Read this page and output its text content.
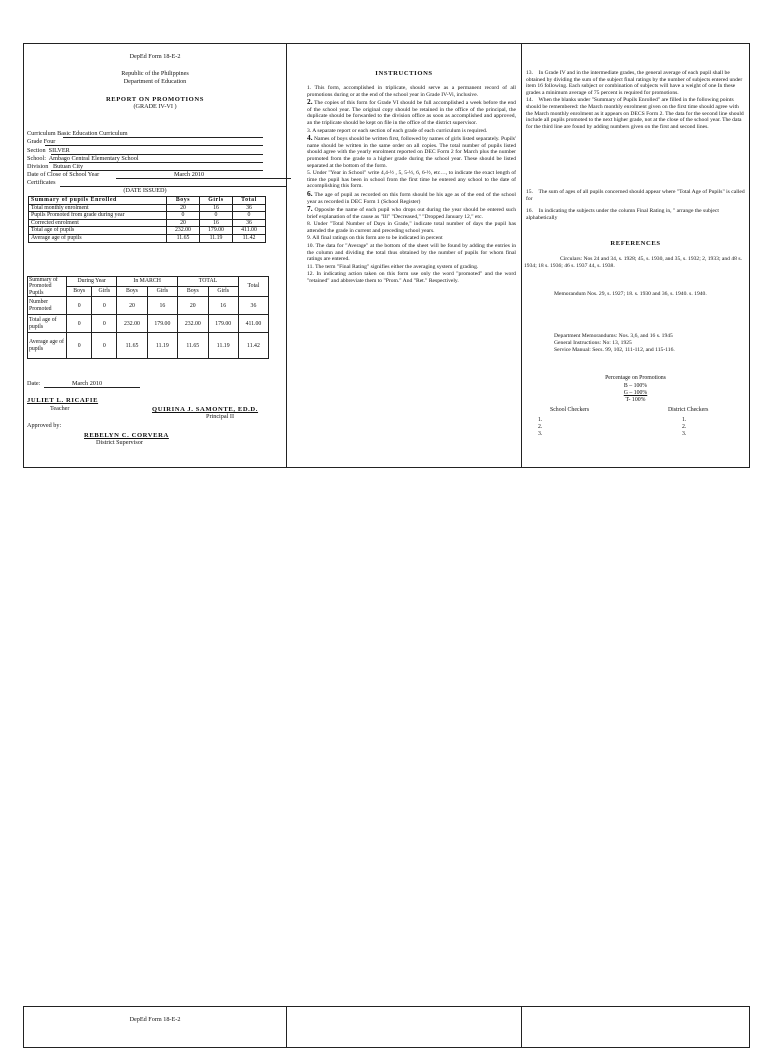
DepEd Form 18-E-2
Republic of the Philippines
Department of Education
REPORT ON PROMOTIONS
(GRADE IV-VI )
Curriculum Basic Education Curriculum
Grade Four
Section SILVER
School: Ambago Central Elementary School
Division Butuan City
Date of Close of School Year	March 2010
Certificates
(DATE ISSUED)
Summary of pupils Enrolled	Boys	Girls	Total
Total monthly enrolment	20	16	36
Pupils Promoted from grade during year	0	0	0
Corrected enrolment	20	16	36
Total age of pupils	232.00	179.00	411.00
Average age of pupils	11.65	11.19	11.42
Summary of Promoted Pupils	During Year		In MARCH		TOTAL		Total
	Boys	Girls	Boys	Girls	Boys	Girls	
Number Promoted	0	0	20	16	20	16	36
Total age of pupils	0	0	232.00	179.00	232.00	179.00	411.00
Average age of pupils	0	0	11.65	11.19	11.65	11.19	11.42
Date:	March 2010
JULIET L. RICAFIE
Teacher	QUIRINA J. SAMONTE, ED.D.
Principal II
Approved by:
REBELYN C. CORVERA
District Supervisor
INSTRUCTIONS
1. This form, accomplished in triplicate, should serve as a permanent record of all promotions during or at the end of the school year in Grade IV-Vi, inclusive.
2. The copies of this form for Grade VI should be full accomplished a week before the end of the school year. The original copy should be retained in the office of the principal, the duplicate should be forwarded to the division office as soon as accomplished and approved, an the triplicate should be kept on file in the office of the district supervisor.
3. A separate report or each section of each grade of each curriculum is required.
4. Names of boys should be written first, followed by names of girls listed separately. Pupils' name should be written in the same order on all copies. The total number of pupils listed should agree with the yearly enrolment reported on DEC Form 2 for March plus the number promoted from the grade to a higher grade during the school year. These should be listed separated at the bottom of the form.
5. Under "Year in School" write 4,4-½ , 5, 5-½, 6, 6-½, etc…, to indicate the exact length of time the pupil has been in school from the first time he entered any school to the date of accomplishing this form.
6. The age of pupil as recorded on this form should be his age as of the end of the school year as recorded in DEC Form 1 (School Register)
7. Opposite the name of each pupil who drops out during the year should be entered such brief explanation of the cause as "Ill" "Decreased," "Dropped January 12," etc.
8. Under "Total Number of Days in Grade," indicate total number of days the pupil has attended the grade in current and preceding school years.
9. All final ratings on this form are to be indicated in percent
10. The data for "Average" at the bottom of the sheet will be found by adding the entries in the column and dividing the total thus obtained by the number of pupils for whom final ratings are entered.
11. The term "Final Rating" signifies either the averaging system of grading.
12. In indicating action taken on this form use only the word "promoted" and the word "retained" and abbreviate them to "Prom." And "Ret." Respectively.
13. In Grade IV and in the intermediate grades, the general average of each pupil shall be obtained by dividing the sum of the subject final ratings by the number of subjects entered under item 16 following. Each subject or combination of subjects will have a weight of one In these grades a minimum average of 75 percent is required for promotions.
14. When the blanks under "Summary of Pupils Enrolled" are filled in the following points should be remembered: the March monthly enrolment given on the first time should agree with the March monthly enrolment as it appears on DECS Form 2. The data for the second line should include all pupils promoted to the next higher grade, not at the close of the school year. The data for the third line are found by adding numbers given on the first and second lines.
15. The sum of ages of all pupils concerned should appear where "Total Age of Pupils" is called for
16. In indicating the subjects under the column Final Rating in, " arrange the subject alphabetically
REFERENCES
Circulars: Nos 24 and 34, s. 1928; 45, s. 1930, and 35, s. 1932; 2, 1933; and 48 s. 1934; 18 s. 1936; 46 s. 1937 44, s. 1938.
Memorandum Nos. 29, s. 1927; 18. s. 1930 and 36, s. 1940. s. 1940.
Department Memorandums: Nos. 3,6, and 16 s. 1945
General Instructions: No: 13, 1925
Service Manual: Secs. 99, 102, 111-112, and 115-116.
Percentage on Promotions
B – 100%
G – 100%
T- 100%
School Checkers	District Checkers
1.
2.
3.
1.
2.
3.
DepEd Form 18-E-2
